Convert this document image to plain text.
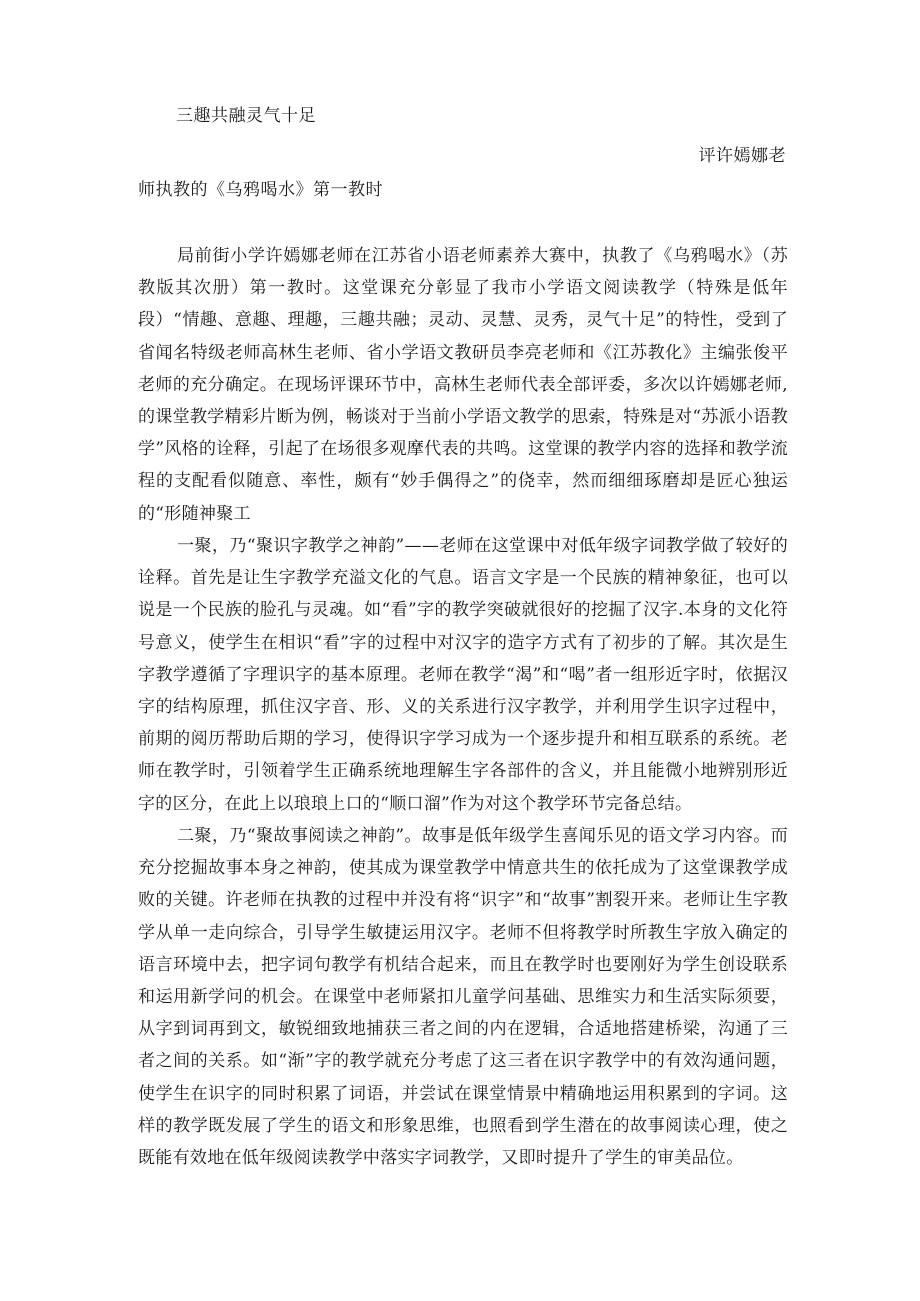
三趣共融灵气十足
评许嫣娜老
师执教的《乌鸦喝水》第一教时

局前街小学许嫣娜老师在江苏省小语老师素养大赛中，执教了《乌鸦喝水》（苏教版其次册）第一教时。这堂课充分彰显了我市小学语文阅读教学（特殊是低年段）“情趣、意趣、理趣，三趣共融；灵动、灵慧、灵秀，灵气十足”的特性，受到了省闻名特级老师高林生老师、省小学语文教研员李亮老师和《江苏教化》主编张俊平老师的充分确定。在现场评课环节中，高林生老师代表全部评委，多次以许嫣娜老师,的课堂教学精彩片断为例，畅谈对于当前小学语文教学的思索，特殊是对“苏派小语教学”风格的诠释，引起了在场很多观摩代表的共鸣。这堂课的教学内容的选择和教学流程的支配看似随意、率性，颇有“妙手偶得之”的侥幸，然而细细琢磨却是匠心独运的“形随神聚工

一聚，乃“聚识字教学之神韵”——老师在这堂课中对低年级字词教学做了较好的诠释。首先是让生字教学充溢文化的气息。语言文字是一个民族的精神象征，也可以说是一个民族的脸孔与灵魂。如“看”字的教学突破就很好的挖掘了汉字.本身的文化符号意义，使学生在相识“看”字的过程中对汉字的造字方式有了初步的了解。其次是生字教学遵循了字理识字的基本原理。老师在教学“渴”和“喝”者一组形近字时，依据汉字的结构原理，抓住汉字音、形、义的关系进行汉字教学，并利用学生识字过程中，前期的阅历帮助后期的学习，使得识字学习成为一个逐步提升和相互联系的系统。老师在教学时，引领着学生正确系统地理解生字各部件的含义，并且能微小地辨别形近字的区分，在此上以琅琅上口的“顺口溜”作为对这个教学环节完备总结。

二聚，乃“聚故事阅读之神韵”。故事是低年级学生喜闻乐见的语文学习内容。而充分挖掘故事本身之神韵，使其成为课堂教学中情意共生的依托成为了这堂课教学成败的关键。许老师在执教的过程中并没有将“识字”和“故事”割裂开来。老师让生字教学从单一走向综合，引导学生敏捷运用汉字。老师不但将教学时所教生字放入确定的语言环境中去，把字词句教学有机结合起来，而且在教学时也要刚好为学生创设联系和运用新学问的机会。在课堂中老师紧扣儿童学问基础、思维实力和生活实际须要，从字到词再到文，敏锐细致地捕获三者之间的内在逻辑，合适地搭建桥梁，沟通了三者之间的关系。如“渐”字的教学就充分考虑了这三者在识字教学中的有效沟通问题，使学生在识字的同时积累了词语，并尝试在课堂情景中精确地运用积累到的字词。这样的教学既发展了学生的语文和形象思维，也照看到学生潜在的故事阅读心理，使之既能有效地在低年级阅读教学中落实字词教学，又即时提升了学生的审美品位。
